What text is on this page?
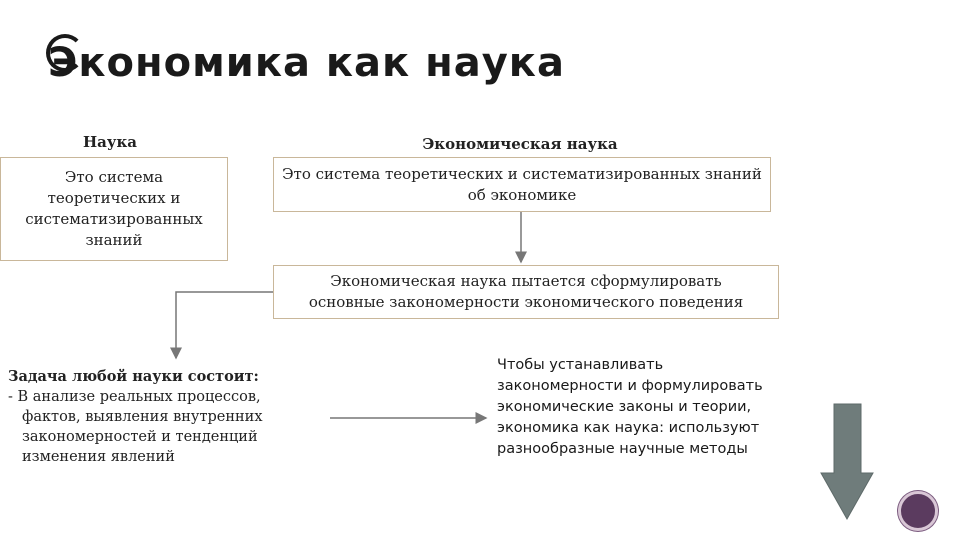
Экономика как наука
Наука	Экономическая наука
Это система теоретических и систематизированных знаний
Это система теоретических и систематизированных знаний об экономике
Экономическая наука пытается сформулировать основные закономерности экономического поведения
Задача любой науки состоит:
- В анализе реальных процессов, фактов, выявления внутренних закономерностей и тенденций изменения явлений
Чтобы устанавливать закономерности и формулировать экономические законы и теории, экономика как наука: используют разнообразные научные методы
